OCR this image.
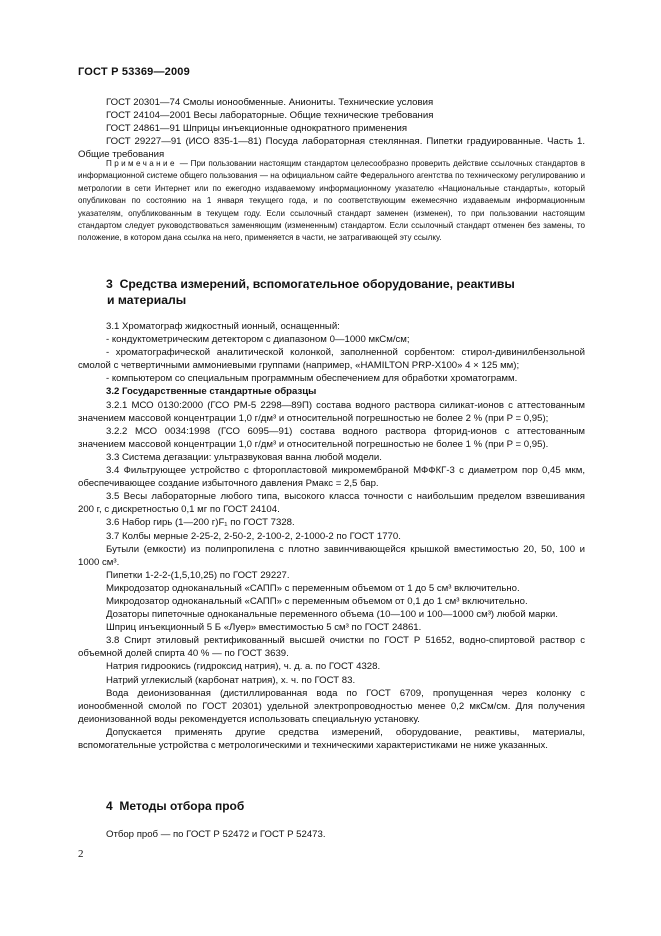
ГОСТ Р 53369—2009

ГОСТ 20301—74 Смолы ионообменные. Аниониты. Технические условия

ГОСТ 24104—2001 Весы лабораторные. Общие технические требования

ГОСТ 24861—91 Шприцы инъекционные однократного применения

ГОСТ 29227—91 (ИСО 835-1—81) Посуда лабораторная стеклянная. Пипетки градуированные. Часть 1. Общие требования

Примечание — При пользовании настоящим стандартом целесообразно проверить действие ссылочных стандартов в информационной системе общего пользования — на официальном сайте Федерального агентства по техническому регулированию и метрологии в сети Интернет или по ежегодно издаваемому информационному указателю «Национальные стандарты», который опубликован по состоянию на 1 января текущего года, и по соответствующим ежемесячно издаваемым информационным указателям, опубликованным в текущем году. Если ссылочный стандарт заменен (изменен), то при пользовании настоящим стандартом следует руководствоваться заменяющим (измененным) стандартом. Если ссылочный стандарт отменен без замены, то положение, в котором дана ссылка на него, применяется в части, не затрагивающей эту ссылку.

3 Средства измерений, вспомогательное оборудование, реактивы
и материалы

3.1 Хроматограф жидкостный ионный, оснащенный:

- кондуктометрическим детектором с диапазоном 0—1000 мкСм/см;

- хроматографической аналитической колонкой, заполненной сорбентом: стирол-дивинилбензольной смолой с четвертичными аммониевыми группами (например, «HAMILTON PRP-X100» 4 × 125 мм);

- компьютером со специальным программным обеспечением для обработки хроматограмм.

3.2 Государственные стандартные образцы

3.2.1 МСО 0130:2000 (ГСО РМ-5 2298—89П) состава водного раствора силикат-ионов с аттестованным значением массовой концентрации 1,0 г/дм³ и относительной погрешностью не более 2 % (при P = 0,95);

3.2.2 МСО 0034:1998 (ГСО 6095—91) состава водного раствора фторид-ионов с аттестованным значением массовой концентрации 1,0 г/дм³ и относительной погрешностью не более 1 % (при P = 0,95).

3.3 Система дегазации: ультразвуковая ванна любой модели.

3.4 Фильтрующее устройство с фторопластовой микромембраной МФФКГ-3 с диаметром пор 0,45 мкм, обеспечивающее создание избыточного давления Pмакс = 2,5 бар.

3.5 Весы лабораторные любого типа, высокого класса точности с наибольшим пределом взвешивания 200 г, с дискретностью 0,1 мг по ГОСТ 24104.

3.6 Набор гирь (1—200 г)F₁ по ГОСТ 7328.

3.7 Колбы мерные 2-25-2, 2-50-2, 2-100-2, 2-1000-2 по ГОСТ 1770.

Бутыли (емкости) из полипропилена с плотно завинчивающейся крышкой вместимостью 20, 50, 100 и 1000 см³.

Пипетки 1-2-2-(1,5,10,25) по ГОСТ 29227.

Микродозатор одноканальный «САПП» с переменным объемом от 1 до 5 см³ включительно.

Микродозатор одноканальный «САПП» с переменным объемом от 0,1 до 1 см³ включительно.

Дозаторы пипеточные одноканальные переменного объема (10—100 и 100—1000 см³) любой марки.

Шприц инъекционный 5 Б «Луер» вместимостью 5 см³ по ГОСТ 24861.

3.8 Спирт этиловый ректификованный высшей очистки по ГОСТ Р 51652, водно-спиртовой раствор с объемной долей спирта 40 % — по ГОСТ 3639.

Натрия гидроокись (гидроксид натрия), ч. д. а. по ГОСТ 4328.

Натрий углекислый (карбонат натрия), х. ч. по ГОСТ 83.

Вода деионизованная (дистиллированная вода по ГОСТ 6709, пропущенная через колонку с ионообменной смолой по ГОСТ 20301) удельной электропроводностью менее 0,2 мкСм/см. Для получения деионизованной воды рекомендуется использовать специальную установку.

Допускается применять другие средства измерений, оборудование, реактивы, материалы, вспомогательные устройства с метрологическими и техническими характеристиками не ниже указанных.

4 Методы отбора проб

Отбор проб — по ГОСТ Р 52472 и ГОСТ Р 52473.

2
